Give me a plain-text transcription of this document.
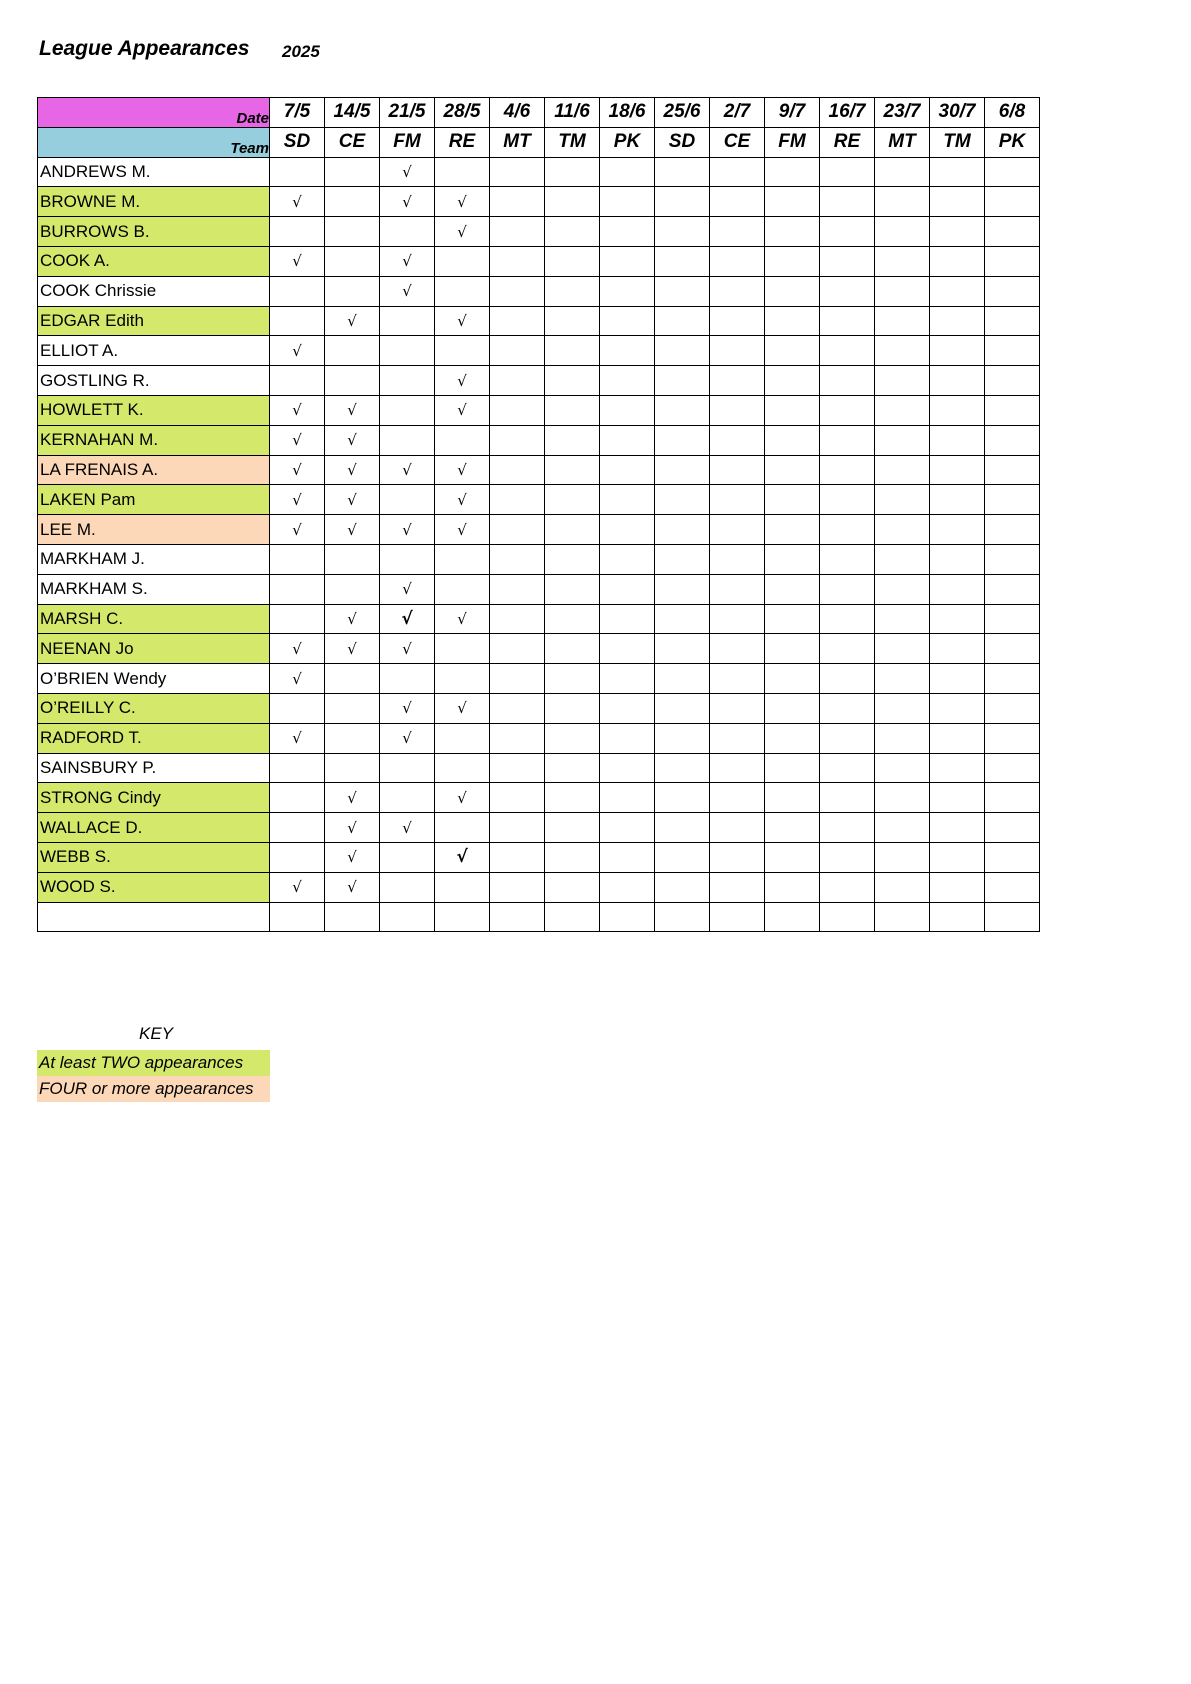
League Appearances 2025
Date	7/5	14/5	21/5	28/5	4/6	11/6	18/6	25/6	2/7	9/7	16/7	23/7	30/7	6/8
Team	SD	CE	FM	RE	MT	TM	PK	SD	CE	FM	RE	MT	TM	PK
ANDREWS M.			√											
BROWNE M.	√		√	√										
BURROWS B.				√										
COOK A.	√		√											
COOK Chrissie			√											
EDGAR Edith		√		√										
ELLIOT A.	√													
GOSTLING R.				√										
HOWLETT K.	√	√		√										
KERNAHAN M.	√	√												
LA FRENAIS A.	√	√	√	√										
LAKEN Pam	√	√		√										
LEE M.	√	√	√	√										
MARKHAM J.														
MARKHAM S.			√											
MARSH C.		√	√	√										
NEENAN Jo	√	√	√											
O’BRIEN Wendy	√													
O’REILLY C.			√	√										
RADFORD T.	√		√											
SAINSBURY P.														
STRONG Cindy		√		√										
WALLACE D.		√	√											
WEBB S.		√		√										
WOOD S.	√	√												

KEY
At least TWO appearances
FOUR or more appearances
